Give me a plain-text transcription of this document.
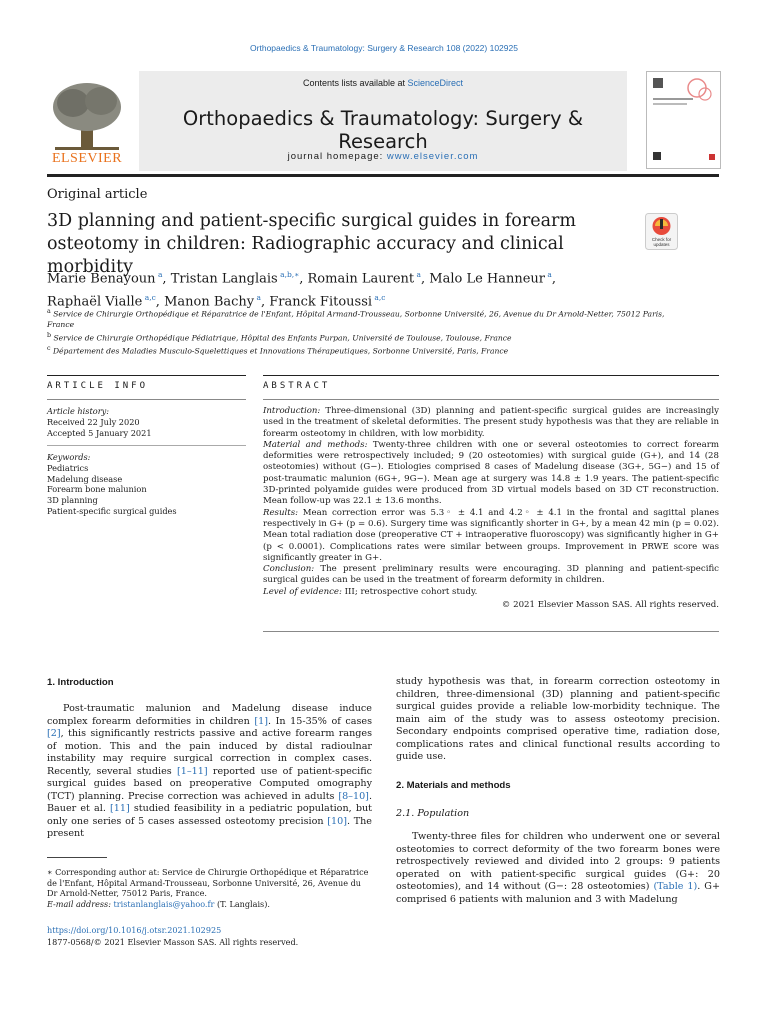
Orthopaedics & Traumatology: Surgery & Research 108 (2022) 102925
ELSEVIER
Contents lists available at ScienceDirect
Orthopaedics & Traumatology: Surgery & Research
journal homepage: www.elsevier.com
Original article
3D planning and patient-specific surgical guides in forearm osteotomy in children: Radiographic accuracy and clinical morbidity
Check for
updates
Marie Benayoun $^a$, Tristan Langlais $^{a,b,∗}$, Romain Laurent $^a$, Malo Le Hanneur $^a$,
Raphaël Vialle $^{a,c}$, Manon Bachy $^a$, Franck Fitoussi $^{a,c}$
$^a$ Service de Chirurgie Orthopédique et Réparatrice de l'Enfant, Hôpital Armand-Trousseau, Sorbonne Université, 26, Avenue du Dr Arnold-Netter, 75012 Paris, France
$^b$ Service de Chirurgie Orthopédique Pédiatrique, Hôpital des Enfants Purpan, Université de Toulouse, Toulouse, France
$^c$ Département des Maladies Musculo-Squelettiques et Innovations Thérapeutiques, Sorbonne Université, Paris, France
ARTICLE INFO	ABSTRACT
Article history:
Received 22 July 2020
Accepted 5 January 2021
Keywords:
Pediatrics
Madelung disease
Forearm bone malunion
3D planning
Patient-specific surgical guides

Introduction: Three-dimensional (3D) planning and patient-specific surgical guides are increasingly used in the treatment of skeletal deformities. The present study hypothesis was that they are reliable in forearm osteotomy in children, with low morbidity.

Material and methods: Twenty-three children with one or several osteotomies to correct forearm deformities were retrospectively included; 9 (20 osteotomies) with surgical guide (G+), and 14 (28 osteotomies) without (G−). Etiologies comprised 8 cases of Madelung disease (3G+, 5G−) and 15 of post-traumatic malunion (6G+, 9G−). Mean age at surgery was 14.8 ± 1.9 years. The patient-specific 3D-printed polyamide guides were produced from 3D virtual models based on 3D CT reconstruction. Mean follow-up was 22.1 ± 13.6 months.

Results: Mean correction error was 5.3◦ ± 4.1 and 4.2◦ ± 4.1 in the frontal and sagittal planes respectively in G+ (p = 0.6). Surgery time was significantly shorter in G+, by a mean 42 min (p = 0.02). Mean total radiation dose (preoperative CT + intraoperative fluoroscopy) was significantly higher in G+ (p < 0.0001). Complications rates were similar between groups. Improvement in PRWE score was significantly greater in G+.

Conclusion: The present preliminary results were encouraging. 3D planning and patient-specific surgical guides can be used in the treatment of forearm deformity in children.

Level of evidence: III; retrospective cohort study.

© 2021 Elsevier Masson SAS. All rights reserved.

1. Introduction

Post-traumatic malunion and Madelung disease induce complex forearm deformities in children [1]. In 15-35% of cases [2], this significantly restricts passive and active forearm ranges of motion. This and the pain induced by distal radioulnar instability may require surgical correction in complex cases. Recently, several studies [1–11] reported use of patient-specific surgical guides based on preoperative Computed omography (TCT) planning. Precise correction was achieved in adults [8–10]. Bauer et al. [11] studied feasibility in a pediatric population, but only one series of 5 cases assessed osteotomy precision [10]. The present

study hypothesis was that, in forearm correction osteotomy in children, three-dimensional (3D) planning and patient-specific surgical guides provide a reliable low-morbidity technique. The main aim of the study was to assess osteotomy precision. Secondary endpoints comprised operative time, radiation dose, complications rates and clinical functional results according to guide use.

2. Materials and methods
2.1. Population

Twenty-three files for children who underwent one or several osteotomies to correct deformity of the two forearm bones were retrospectively reviewed and divided into 2 groups: 9 patients operated on with patient-specific surgical guides (G+: 20 osteotomies), and 14 without (G−: 28 osteotomies) (Table 1). G+ comprised 6 patients with malunion and 3 with Madelung

∗ Corresponding author at: Service de Chirurgie Orthopédique et Réparatrice de l'Enfant, Hôpital Armand-Trousseau, Sorbonne Université, 26, Avenue du Dr Arnold-Netter, 75012 Paris, France.
E-mail address: tristanlanglais@yahoo.fr (T. Langlais).
https://doi.org/10.1016/j.otsr.2021.102925
1877-0568/© 2021 Elsevier Masson SAS. All rights reserved.
